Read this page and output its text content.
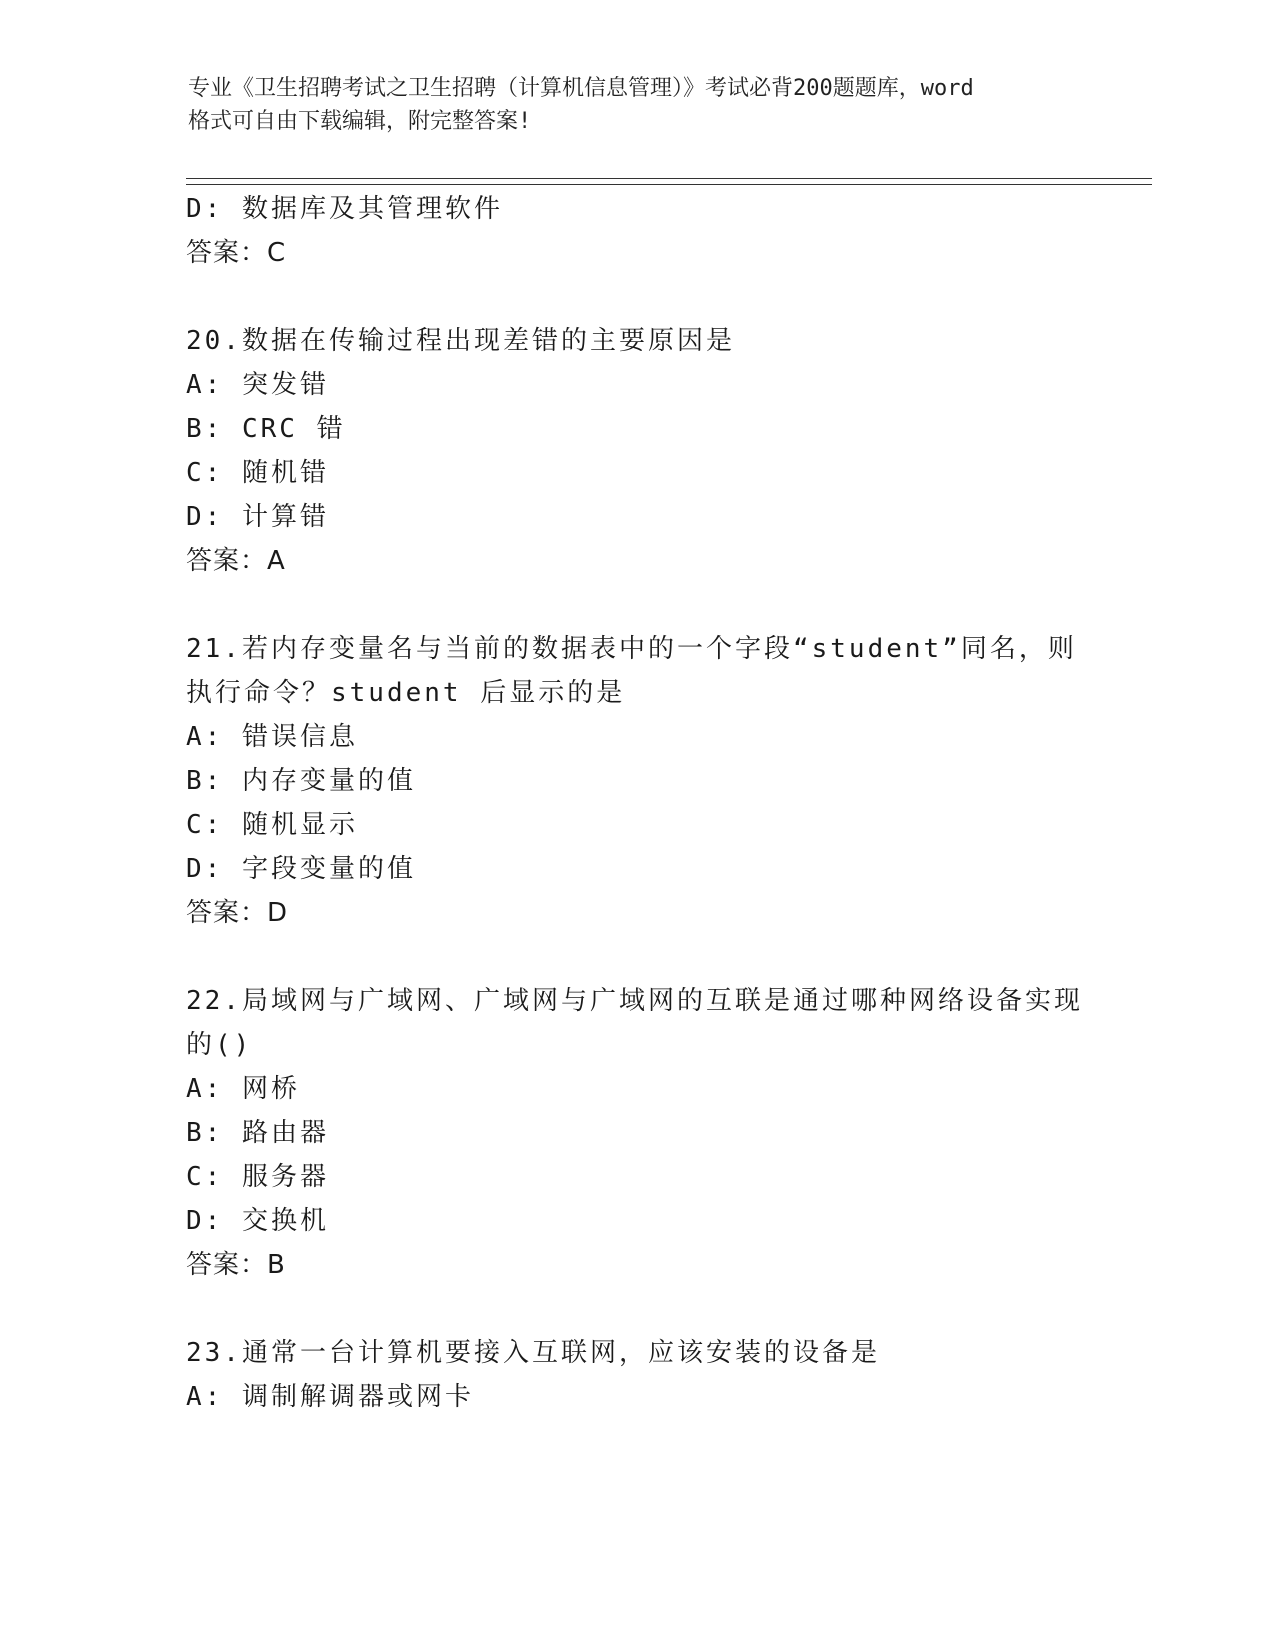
专业《卫生招聘考试之卫生招聘（计算机信息管理）》考试必背200题题库，word
格式可自由下载编辑，附完整答案!
D: 数据库及其管理软件
答案：C
20.数据在传输过程出现差错的主要原因是
A: 突发错
B: CRC 错
C: 随机错
D: 计算错
答案：A
21.若内存变量名与当前的数据表中的一个字段“student”同名，则
执行命令？student 后显示的是
A: 错误信息
B: 内存变量的值
C: 随机显示
D: 字段变量的值
答案：D
22.局域网与广域网、广域网与广域网的互联是通过哪种网络设备实现
的()
A: 网桥
B: 路由器
C: 服务器
D: 交换机
答案：B
23.通常一台计算机要接入互联网，应该安装的设备是
A: 调制解调器或网卡
